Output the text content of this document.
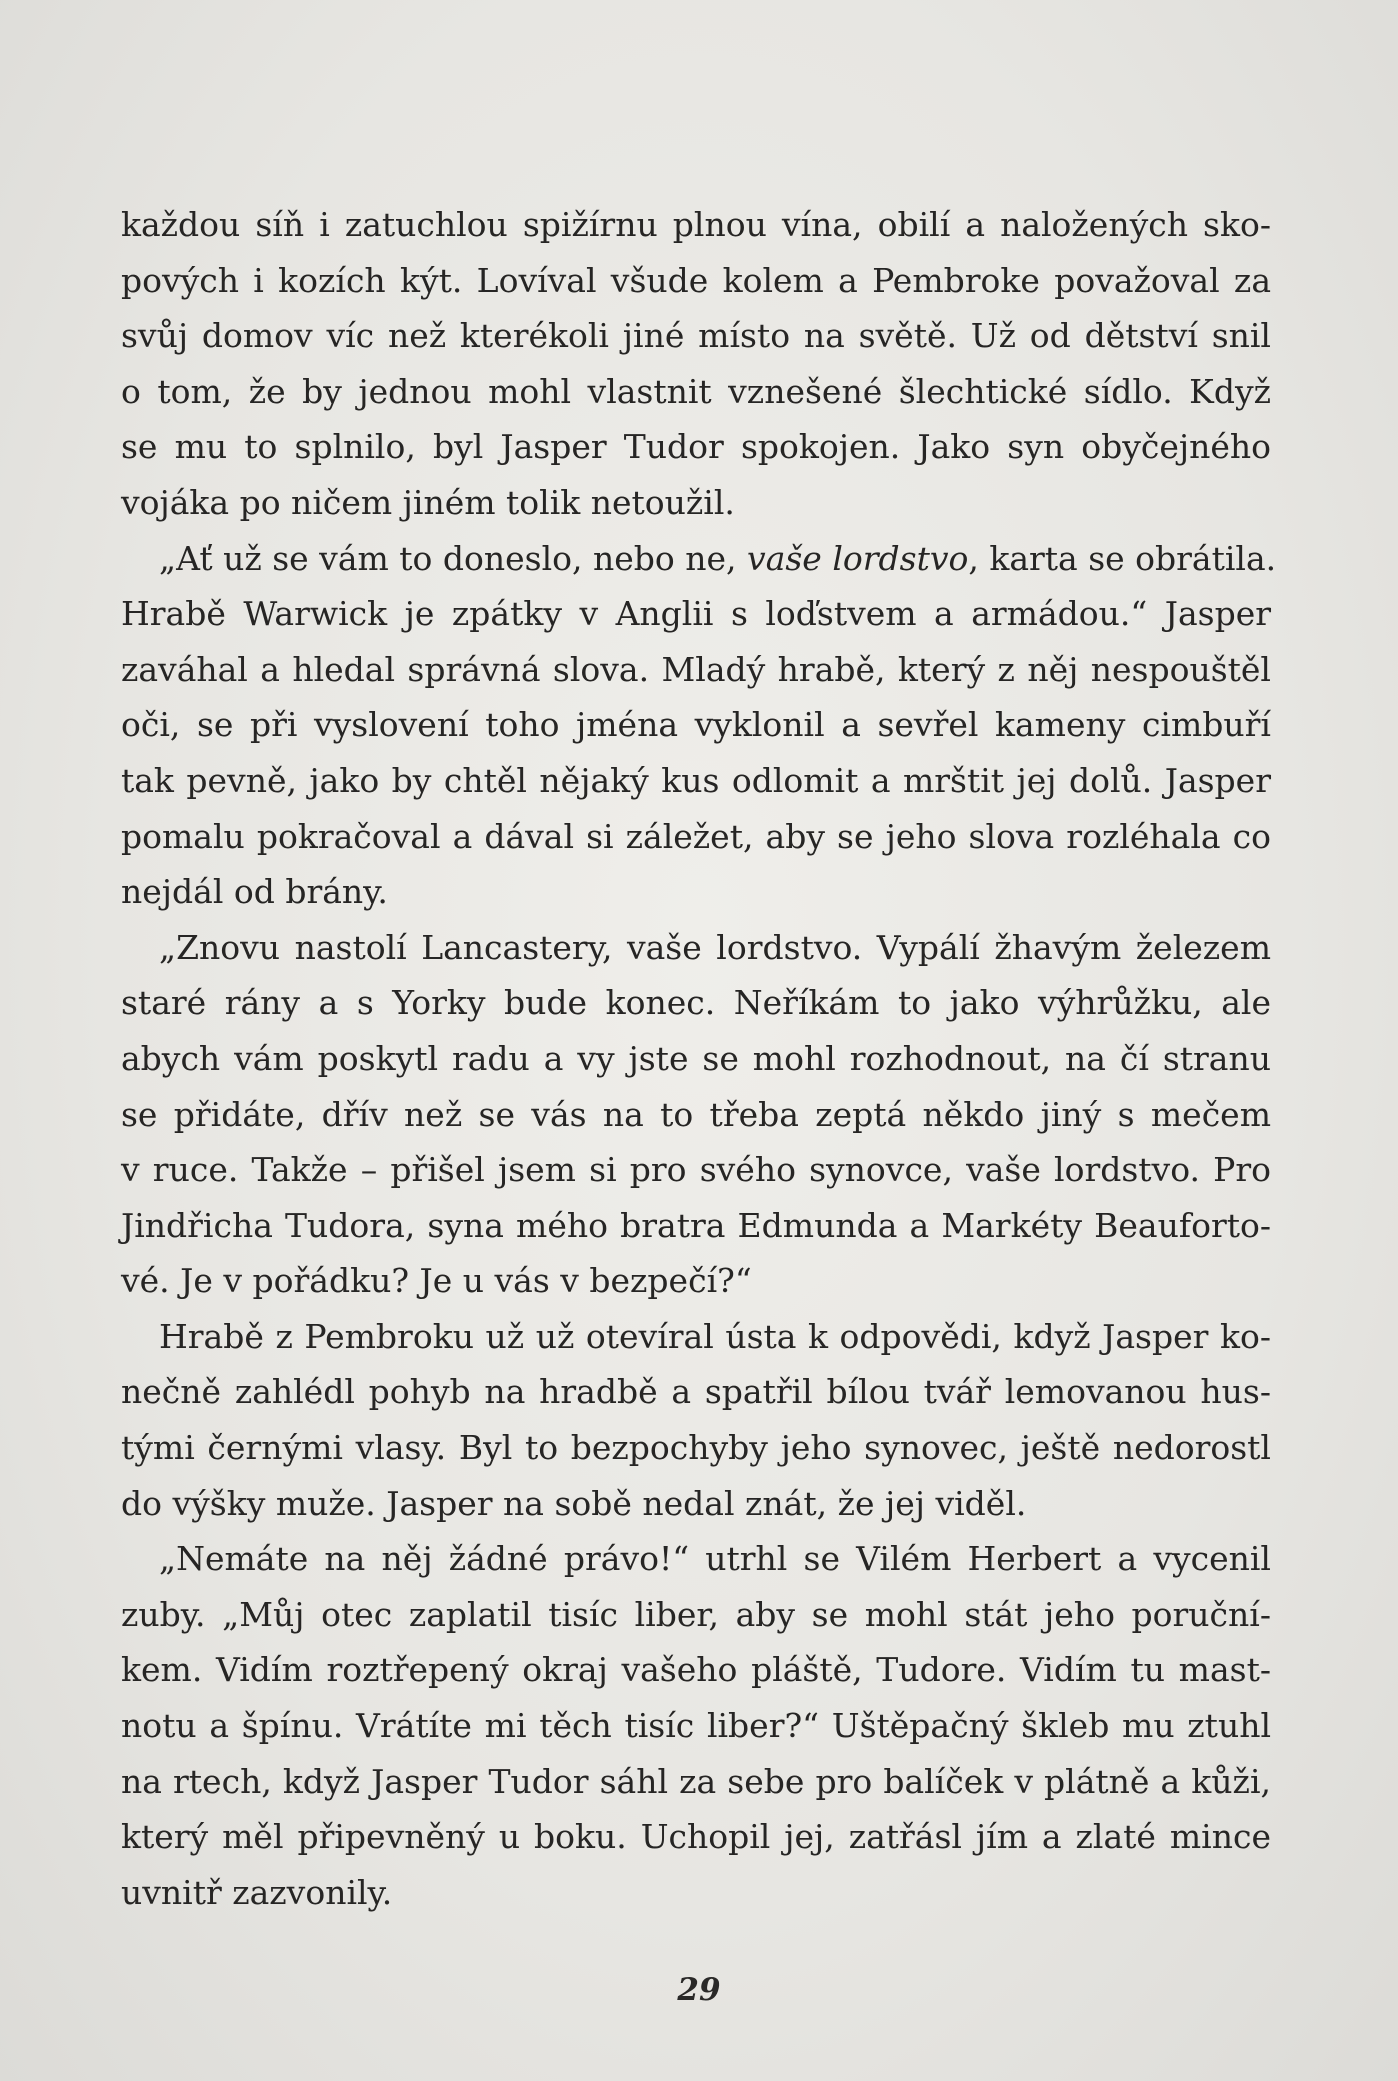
každou síň i zatuchlou spižírnu plnou vína, obilí a naložených sko-
pových i kozích kýt. Lovíval všude kolem a Pembroke považoval za
svůj domov víc než kterékoli jiné místo na světě. Už od dětství snil
o tom, že by jednou mohl vlastnit vznešené šlechtické sídlo. Když
se mu to splnilo, byl Jasper Tudor spokojen. Jako syn obyčejného
vojáka po ničem jiném tolik netoužil.
„Ať už se vám to doneslo, nebo ne, vaše lordstvo, karta se obrátila.
Hrabě Warwick je zpátky v Anglii s loďstvem a armádou.“ Jasper
zaváhal a hledal správná slova. Mladý hrabě, který z něj nespouštěl
oči, se při vyslovení toho jména vyklonil a sevřel kameny cimbuří
tak pevně, jako by chtěl nějaký kus odlomit a mrštit jej dolů. Jasper
pomalu pokračoval a dával si záležet, aby se jeho slova rozléhala co
nejdál od brány.
„Znovu nastolí Lancastery, vaše lordstvo. Vypálí žhavým železem
staré rány a s Yorky bude konec. Neříkám to jako výhrůžku, ale
abych vám poskytl radu a vy jste se mohl rozhodnout, na čí stranu
se přidáte, dřív než se vás na to třeba zeptá někdo jiný s mečem
v ruce. Takže – přišel jsem si pro svého synovce, vaše lordstvo. Pro
Jindřicha Tudora, syna mého bratra Edmunda a Markéty Beauforto-
vé. Je v pořádku? Je u vás v bezpečí?“
Hrabě z Pembroku už už otevíral ústa k odpovědi, když Jasper ko-
nečně zahlédl pohyb na hradbě a spatřil bílou tvář lemovanou hus-
tými černými vlasy. Byl to bezpochyby jeho synovec, ještě nedorostl
do výšky muže. Jasper na sobě nedal znát, že jej viděl.
„Nemáte na něj žádné právo!“ utrhl se Vilém Herbert a vycenil
zuby. „Můj otec zaplatil tisíc liber, aby se mohl stát jeho poruční-
kem. Vidím roztřepený okraj vašeho pláště, Tudore. Vidím tu mast-
notu a špínu. Vrátíte mi těch tisíc liber?“ Uštěpačný škleb mu ztuhl
na rtech, když Jasper Tudor sáhl za sebe pro balíček v plátně a kůži,
který měl připevněný u boku. Uchopil jej, zatřásl jím a zlaté mince
uvnitř zazvonily.
29
